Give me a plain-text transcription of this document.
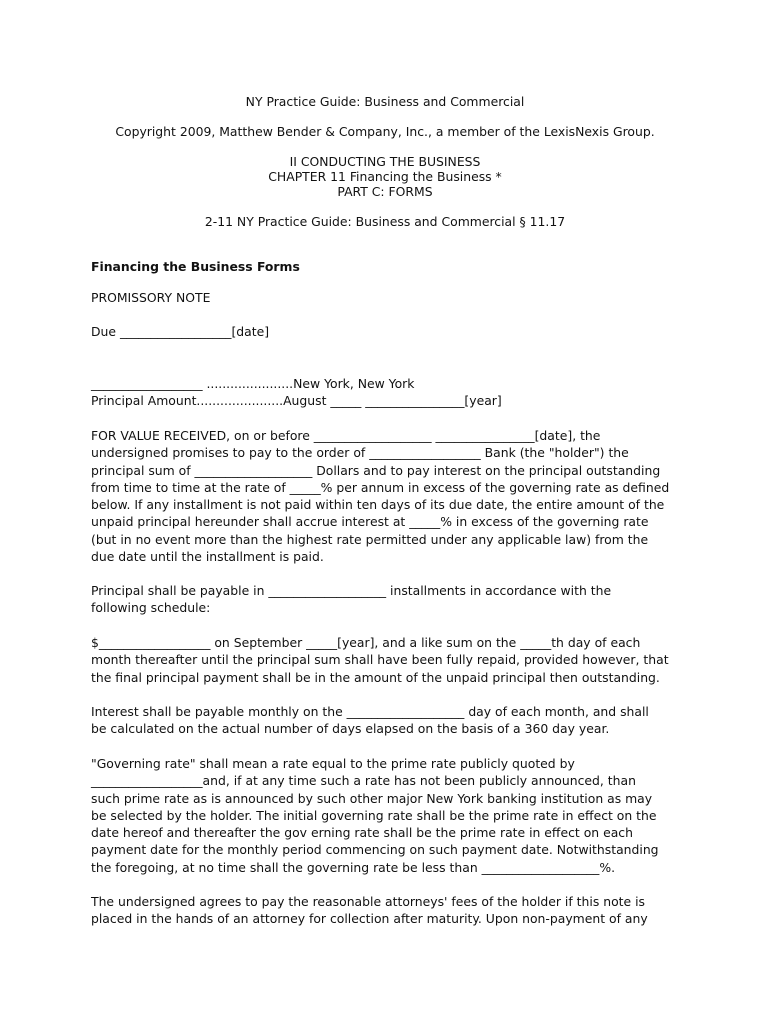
NY Practice Guide: Business and Commercial
Copyright 2009, Matthew Bender & Company, Inc., a member of the LexisNexis Group.
II CONDUCTING THE BUSINESS
CHAPTER 11 Financing the Business *
PART C: FORMS
2-11 NY Practice Guide: Business and Commercial § 11.17
Financing the Business Forms
PROMISSORY NOTE
Due __________________[date]
__________________ ......................New York, New York
Principal Amount......................August _____ ________________[year]
FOR VALUE RECEIVED, on or before ___________________ ________________[date], the
undersigned promises to pay to the order of __________________ Bank (the "holder") the
principal sum of ___________________ Dollars and to pay interest on the principal outstanding
from time to time at the rate of _____% per annum in excess of the governing rate as defined
below. If any installment is not paid within ten days of its due date, the entire amount of the
unpaid principal hereunder shall accrue interest at _____% in excess of the governing rate
(but in no event more than the highest rate permitted under any applicable law) from the
due date until the installment is paid.
Principal shall be payable in ___________________ installments in accordance with the
following schedule:
$__________________ on September _____[year], and a like sum on the _____th day of each
month thereafter until the principal sum shall have been fully repaid, provided however, that
the final principal payment shall be in the amount of the unpaid principal then outstanding.
Interest shall be payable monthly on the ___________________ day of each month, and shall
be calculated on the actual number of days elapsed on the basis of a 360 day year.
"Governing rate" shall mean a rate equal to the prime rate publicly quoted by
__________________and, if at any time such a rate has not been publicly announced, than
such prime rate as is announced by such other major New York banking institution as may
be selected by the holder. The initial governing rate shall be the prime rate in effect on the
date hereof and thereafter the gov erning rate shall be the prime rate in effect on each
payment date for the monthly period commencing on such payment date. Notwithstanding
the foregoing, at no time shall the governing rate be less than ___________________%.
The undersigned agrees to pay the reasonable attorneys' fees of the holder if this note is
placed in the hands of an attorney for collection after maturity. Upon non-payment of any
